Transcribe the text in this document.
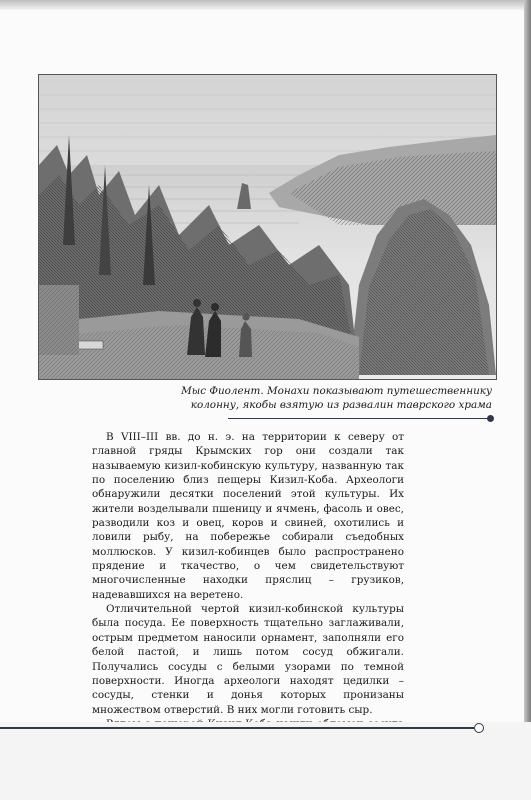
Мыс Фиолент. Монахи показывают путешественнику
колонну, якобы взятую из развалин таврского храма

В VIII–III вв. до н. э. на территории к северу от главной гряды Крымских гор они создали так называемую кизил-кобинскую культуру, названную так по поселению близ пещеры Кизил-Коба. Археологи обнаружили десятки поселений этой культуры. Их жители возделывали пшеницу и ячмень, фасоль и овес, разводили коз и овец, коров и свиней, охотились и ловили рыбу, на побережье собирали съедобных моллюсков. У кизил-кобинцев было распространено прядение и ткачество, о чем свидетельствуют многочисленные находки пряслиц – грузиков, надевавшихся на веретено.

Отличительной чертой кизил-кобинской культуры была посуда. Ее поверхность тщательно заглаживали, острым предметом наносили орнамент, заполняли его белой пастой, и лишь потом сосуд обжигали. Получались сосуды с белыми узорами по темной поверхности. Иногда археологи находят цедилки – сосуды, стенки и донья которых пронизаны множеством отверстий. В них могли готовить сыр.
